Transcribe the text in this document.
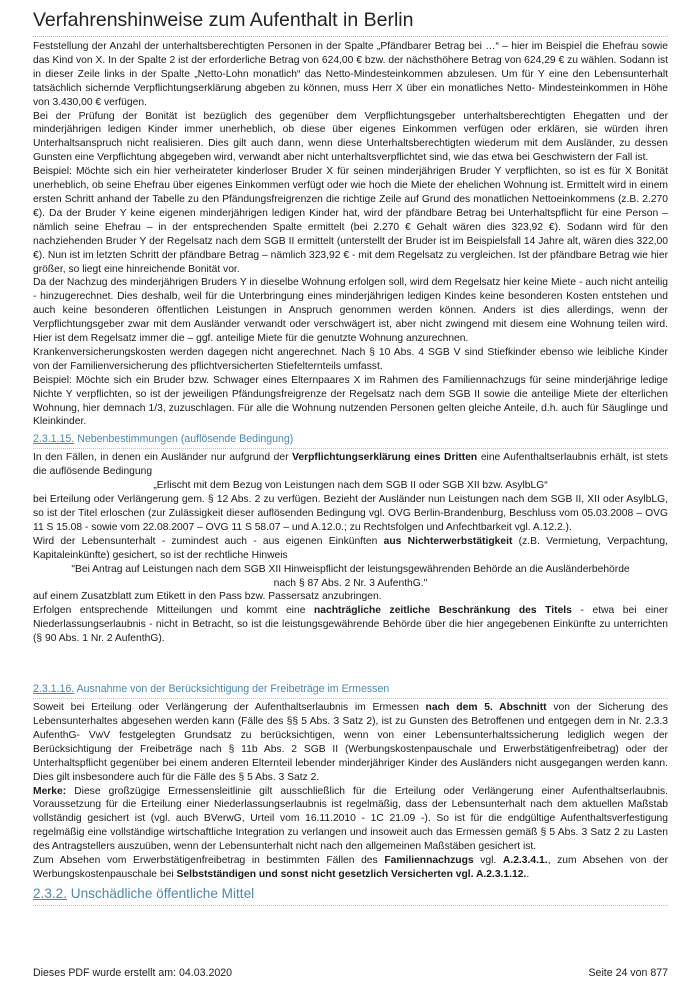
Verfahrenshinweise zum Aufenthalt in Berlin

Feststellung der Anzahl der unterhaltsberechtigten Personen in der Spalte „Pfändbarer Betrag bei …“ – hier im Beispiel die Ehefrau sowie das Kind von X. In der Spalte 2 ist der erforderliche Betrag von 624,00 € bzw. der nächsthöhere Betrag von 624,29 € zu wählen. Sodann ist in dieser Zeile links in der Spalte „Netto-Lohn monatlich“ das Netto-Mindesteinkommen abzulesen. Um für Y eine den Lebensunterhalt tatsächlich sichernde Verpflichtungserklärung abgeben zu können, muss Herr X über ein monatliches Netto- Mindesteinkommen in Höhe von 3.430,00 € verfügen.

Bei der Prüfung der Bonität ist bezüglich des gegenüber dem Verpflichtungsgeber unterhaltsberechtigten Ehegatten und der minderjährigen ledigen Kinder immer unerheblich, ob diese über eigenes Einkommen verfügen oder erklären, sie würden ihren Unterhaltsanspruch nicht realisieren. Dies gilt auch dann, wenn diese Unterhaltsberechtigten wiederum mit dem Ausländer, zu dessen Gunsten eine Verpflichtung abgegeben wird, verwandt aber nicht unterhaltsverpflichtet sind, wie das etwa bei Geschwistern der Fall ist.

Beispiel: Möchte sich ein hier verheirateter kinderloser Bruder X für seinen minderjährigen Bruder Y verpflichten, so ist es für X Bonität unerheblich, ob seine Ehefrau über eigenes Einkommen verfügt oder wie hoch die Miete der ehelichen Wohnung ist. Ermittelt wird in einem ersten Schritt anhand der Tabelle zu den Pfändungsfreigrenzen die richtige Zeile auf Grund des monatlichen Nettoeinkommens (z.B. 2.270 €). Da der Bruder Y keine eigenen minderjährigen ledigen Kinder hat, wird der pfändbare Betrag bei Unterhaltspflicht für eine Person – nämlich seine Ehefrau – in der entsprechenden Spalte ermittelt (bei 2.270 € Gehalt wären dies 323,92 €). Sodann wird für den nachziehenden Bruder Y der Regelsatz nach dem SGB II ermittelt (unterstellt der Bruder ist im Beispielsfall 14 Jahre alt, wären dies 322,00 €). Nun ist im letzten Schritt der pfändbare Betrag – nämlich 323,92 € - mit dem Regelsatz zu vergleichen. Ist der pfändbare Betrag wie hier größer, so liegt eine hinreichende Bonität vor.

Da der Nachzug des minderjährigen Bruders Y in dieselbe Wohnung erfolgen soll, wird dem Regelsatz hier keine Miete - auch nicht anteilig - hinzugerechnet. Dies deshalb, weil für die Unterbringung eines minderjährigen ledigen Kindes keine besonderen Kosten entstehen und auch keine besonderen öffentlichen Leistungen in Anspruch genommen werden können. Anders ist dies allerdings, wenn der Verpflichtungsgeber zwar mit dem Ausländer verwandt oder verschwägert ist, aber nicht zwingend mit diesem eine Wohnung teilen wird. Hier ist dem Regelsatz immer die – ggf. anteilige Miete für die genutzte Wohnung anzurechnen.

Krankenversicherungskosten werden dagegen nicht angerechnet. Nach § 10 Abs. 4 SGB V sind Stiefkinder ebenso wie leibliche Kinder von der Familienversicherung des pflichtversicherten Stiefelternteils umfasst.

Beispiel: Möchte sich ein Bruder bzw. Schwager eines Elternpaares X im Rahmen des Familiennachzugs für seine minderjährige ledige Nichte Y verpflichten, so ist der jeweiligen Pfändungsfreigrenze der Regelsatz nach dem SGB II sowie die anteilige Miete der elterlichen Wohnung, hier demnach 1/3, zuzuschlagen. Für alle die Wohnung nutzenden Personen gelten gleiche Anteile, d.h. auch für Säuglinge und Kleinkinder.

2.3.1.15. Nebenbestimmungen (auflösende Bedingung)

In den Fällen, in denen ein Ausländer nur aufgrund der Verpflichtungserklärung eines Dritten eine Aufenthaltserlaubnis erhält, ist stets die auflösende Bedingung

„Erlischt mit dem Bezug von Leistungen nach dem SGB II oder SGB XII bzw. AsylbLG“

bei Erteilung oder Verlängerung gem. § 12 Abs. 2 zu verfügen. Bezieht der Ausländer nun Leistungen nach dem SGB II, XII oder AsylbLG, so ist der Titel erloschen (zur Zulässigkeit dieser auflösenden Bedingung vgl. OVG Berlin-Brandenburg, Beschluss vom 05.03.2008 – OVG 11 S 15.08 - sowie vom 22.08.2007 – OVG 11 S 58.07 – und A.12.0.; zu Rechtsfolgen und Anfechtbarkeit vgl. A.12.2.).

Wird der Lebensunterhalt - zumindest auch - aus eigenen Einkünften aus Nichterwerbstätigkeit (z.B. Vermietung, Verpachtung, Kapitaleinkünfte) gesichert, so ist der rechtliche Hinweis

"Bei Antrag auf Leistungen nach dem SGB XII Hinweispflicht der leistungsgewährenden Behörde an die Ausländerbehörde
nach § 87 Abs. 2 Nr. 3 AufenthG."

auf einem Zusatzblatt zum Etikett in den Pass bzw. Passersatz anzubringen.

Erfolgen entsprechende Mitteilungen und kommt eine nachträgliche zeitliche Beschränkung des Titels - etwa bei einer Niederlassungserlaubnis - nicht in Betracht, so ist die leistungsgewährende Behörde über die hier angegebenen Einkünfte zu unterrichten (§ 90 Abs. 1 Nr. 2 AufenthG).

2.3.1.16. Ausnahme von der Berücksichtigung der Freibeträge im Ermessen

Soweit bei Erteilung oder Verlängerung der Aufenthaltserlaubnis im Ermessen nach dem 5. Abschnitt von der Sicherung des Lebensunterhaltes abgesehen werden kann (Fälle des §§ 5 Abs. 3 Satz 2), ist zu Gunsten des Betroffenen und entgegen dem in Nr. 2.3.3 AufenthG- VwV festgelegten Grundsatz zu berücksichtigen, wenn von einer Lebensunterhaltssicherung lediglich wegen der Berücksichtigung der Freibeträge nach § 11b Abs. 2 SGB II (Werbungskostenpauschale und Erwerbstätigenfreibetrag) oder der Unterhaltspflicht gegenüber bei einem anderen Elternteil lebender minderjähriger Kinder des Ausländers nicht ausgegangen werden kann. Dies gilt insbesondere auch für die Fälle des § 5 Abs. 3 Satz 2.

Merke: Diese großzügige Ermessensleitlinie gilt ausschließlich für die Erteilung oder Verlängerung einer Aufenthaltserlaubnis. Voraussetzung für die Erteilung einer Niederlassungserlaubnis ist regelmäßig, dass der Lebensunterhalt nach dem aktuellen Maßstab vollständig gesichert ist (vgl. auch BVerwG, Urteil vom 16.11.2010 - 1C 21.09 -). So ist für die endgültige Aufenthaltsverfestigung regelmäßig eine vollständige wirtschaftliche Integration zu verlangen und insoweit auch das Ermessen gemäß § 5 Abs. 3 Satz 2 zu Lasten des Antragstellers auszuüben, wenn der Lebensunterhalt nicht nach den allgemeinen Maßstäben gesichert ist.

Zum Absehen vom Erwerbstätigenfreibetrag in bestimmten Fällen des Familiennachzugs vgl. A.2.3.4.1., zum Absehen von der Werbungskostenpauschale bei Selbstständigen und sonst nicht gesetzlich Versicherten vgl. A.2.3.1.12..

2.3.2. Unschädliche öffentliche Mittel
Dieses PDF wurde erstellt am: 04.03.2020	Seite 24 von 877
